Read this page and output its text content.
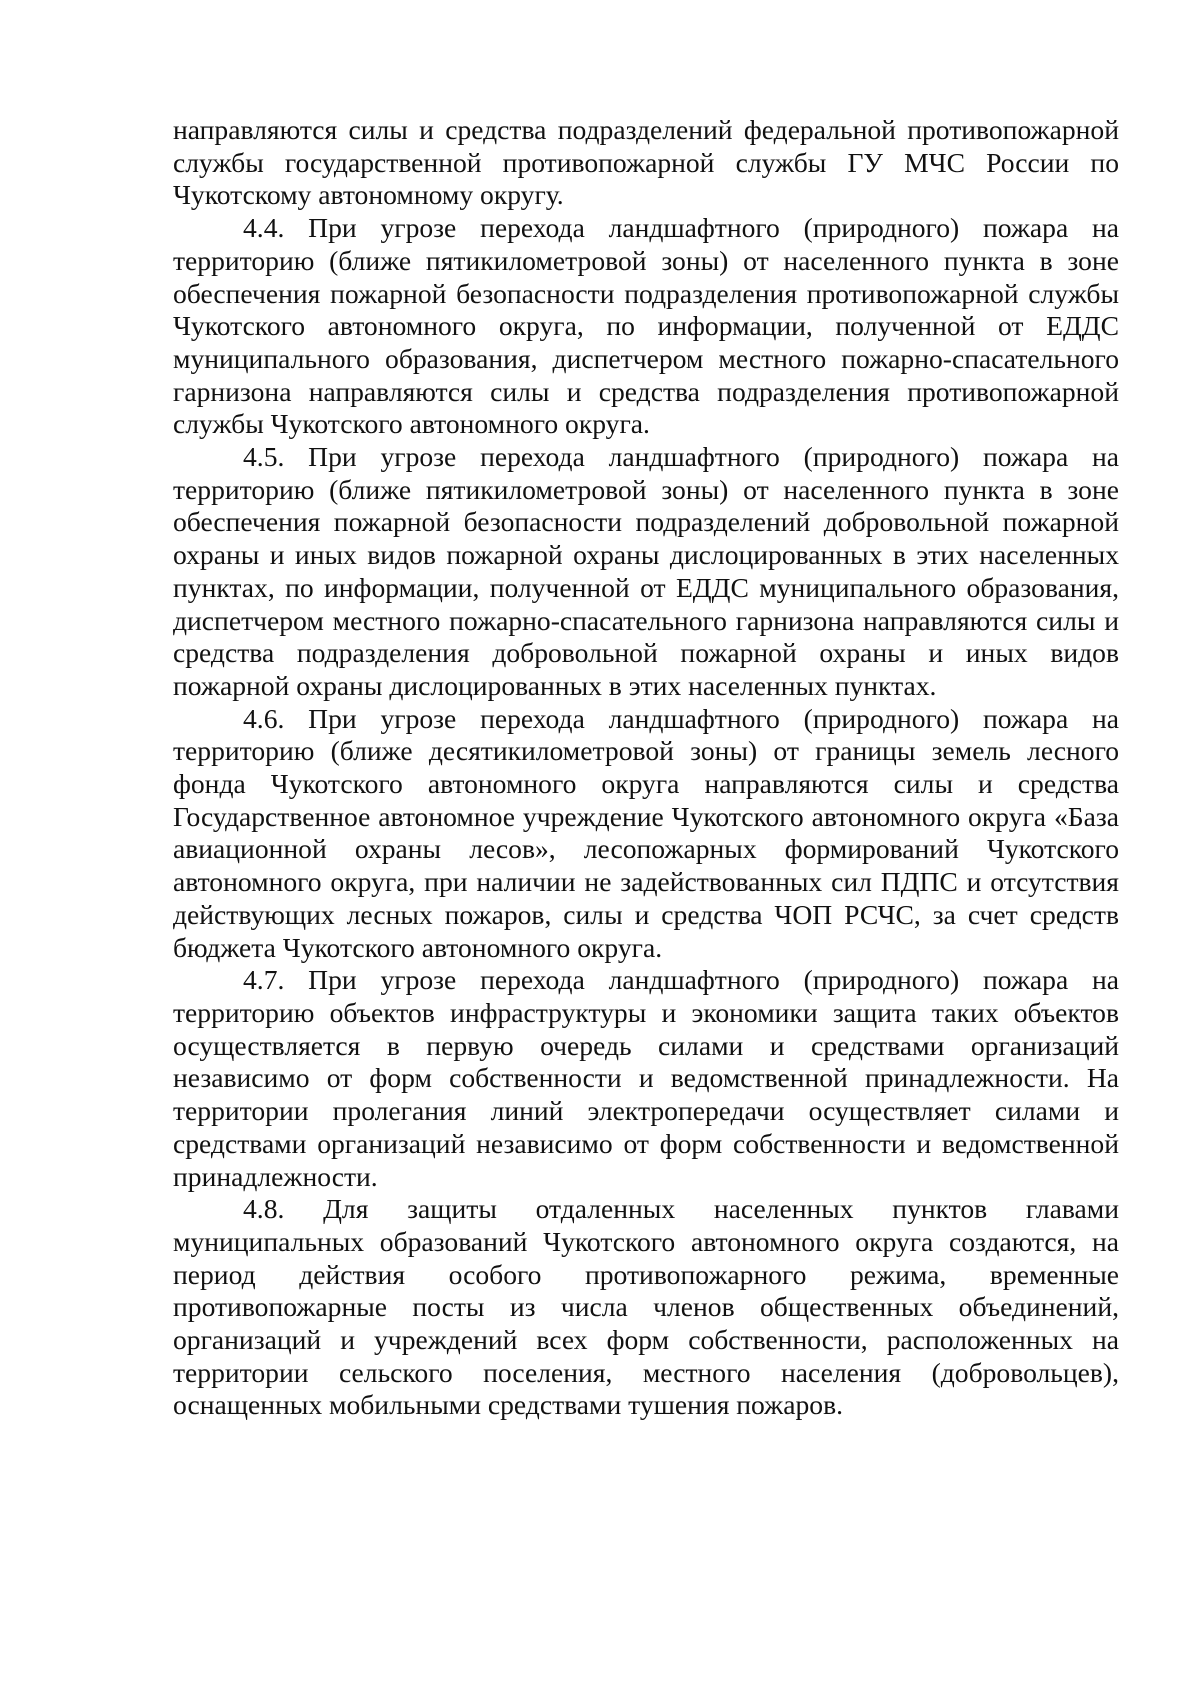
направляются силы и средства подразделений федеральной противопожарной службы государственной противопожарной службы ГУ МЧС России по Чукотскому автономному округу.

4.4. При угрозе перехода ландшафтного (природного) пожара на территорию (ближе пятикилометровой зоны) от населенного пункта в зоне обеспечения пожарной безопасности подразделения противопожарной службы Чукотского автономного округа, по информации, полученной от ЕДДС муниципального образования, диспетчером местного пожарно-спасательного гарнизона направляются силы и средства подразделения противопожарной службы Чукотского автономного округа.

4.5. При угрозе перехода ландшафтного (природного) пожара на территорию (ближе пятикилометровой зоны) от населенного пункта в зоне обеспечения пожарной безопасности подразделений добровольной пожарной охраны и иных видов пожарной охраны дислоцированных в этих населенных пунктах, по информации, полученной от ЕДДС муниципального образования, диспетчером местного пожарно-спасательного гарнизона направляются силы и средства подразделения добровольной пожарной охраны и иных видов пожарной охраны дислоцированных в этих населенных пунктах.

4.6. При угрозе перехода ландшафтного (природного) пожара на территорию (ближе десятикилометровой зоны) от границы земель лесного фонда Чукотского автономного округа направляются силы и средства Государственное автономное учреждение Чукотского автономного округа «База авиационной охраны лесов», лесопожарных формирований Чукотского автономного округа, при наличии не задействованных сил ПДПС и отсутствия действующих лесных пожаров, силы и средства ЧОП РСЧС, за счет средств бюджета Чукотского автономного округа.

4.7. При угрозе перехода ландшафтного (природного) пожара на территорию объектов инфраструктуры и экономики защита таких объектов осуществляется в первую очередь силами и средствами организаций независимо от форм собственности и ведомственной принадлежности. На территории пролегания линий электропередачи осуществляет силами и средствами организаций независимо от форм собственности и ведомственной принадлежности.

4.8. Для защиты отдаленных населенных пунктов главами муниципальных образований Чукотского автономного округа создаются, на период действия особого противопожарного режима, временные противопожарные посты из числа членов общественных объединений, организаций и учреждений всех форм собственности, расположенных на территории сельского поселения, местного населения (добровольцев), оснащенных мобильными средствами тушения пожаров.
